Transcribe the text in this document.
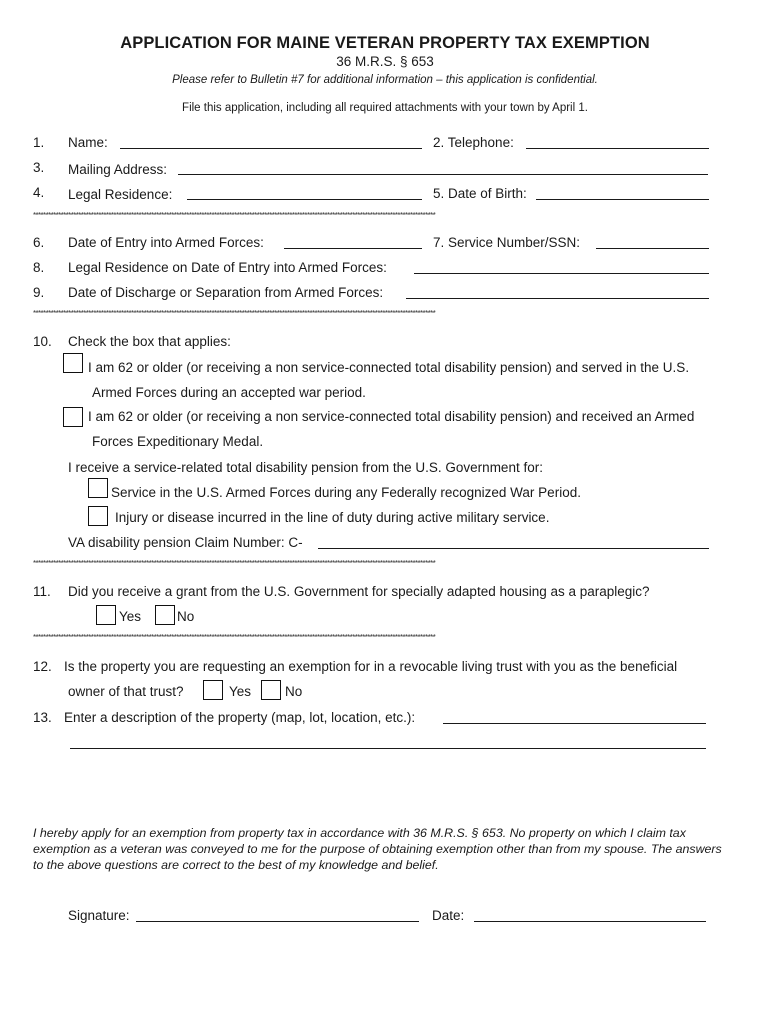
APPLICATION FOR MAINE VETERAN PROPERTY TAX EXEMPTION
36 M.R.S. § 653
Please refer to Bulletin #7 for additional information – this application is confidential.
File this application, including all required attachments with your town by April 1.
1. Name:	2. Telephone:
3. Mailing Address:
4. Legal Residence:	5. Date of Birth:
****************************************************************************************************************************************************************
6. Date of Entry into Armed Forces:	7. Service Number/SSN:
8. Legal Residence on Date of Entry into Armed Forces:
9. Date of Discharge or Separation from Armed Forces:
****************************************************************************************************************************************************************
10. Check the box that applies:
I am 62 or older (or receiving a non service-connected total disability pension) and served in the U.S.
Armed Forces during an accepted war period.
I am 62 or older (or receiving a non service-connected total disability pension) and received an Armed
Forces Expeditionary Medal.
I receive a service-related total disability pension from the U.S. Government for:
Service in the U.S. Armed Forces during any Federally recognized War Period.
Injury or disease incurred in the line of duty during active military service.
VA disability pension Claim Number: C-
****************************************************************************************************************************************************************
11. Did you receive a grant from the U.S. Government for specially adapted housing as a paraplegic?
Yes	No
****************************************************************************************************************************************************************
12. Is the property you are requesting an exemption for in a revocable living trust with you as the beneficial
owner of that trust?	Yes	No
13. Enter a description of the property (map, lot, location, etc.):
I hereby apply for an exemption from property tax in accordance with 36 M.R.S. § 653. No property on which I claim tax exemption as a veteran was conveyed to me for the purpose of obtaining exemption other than from my spouse. The answers to the above questions are correct to the best of my knowledge and belief.
Signature:	Date:
